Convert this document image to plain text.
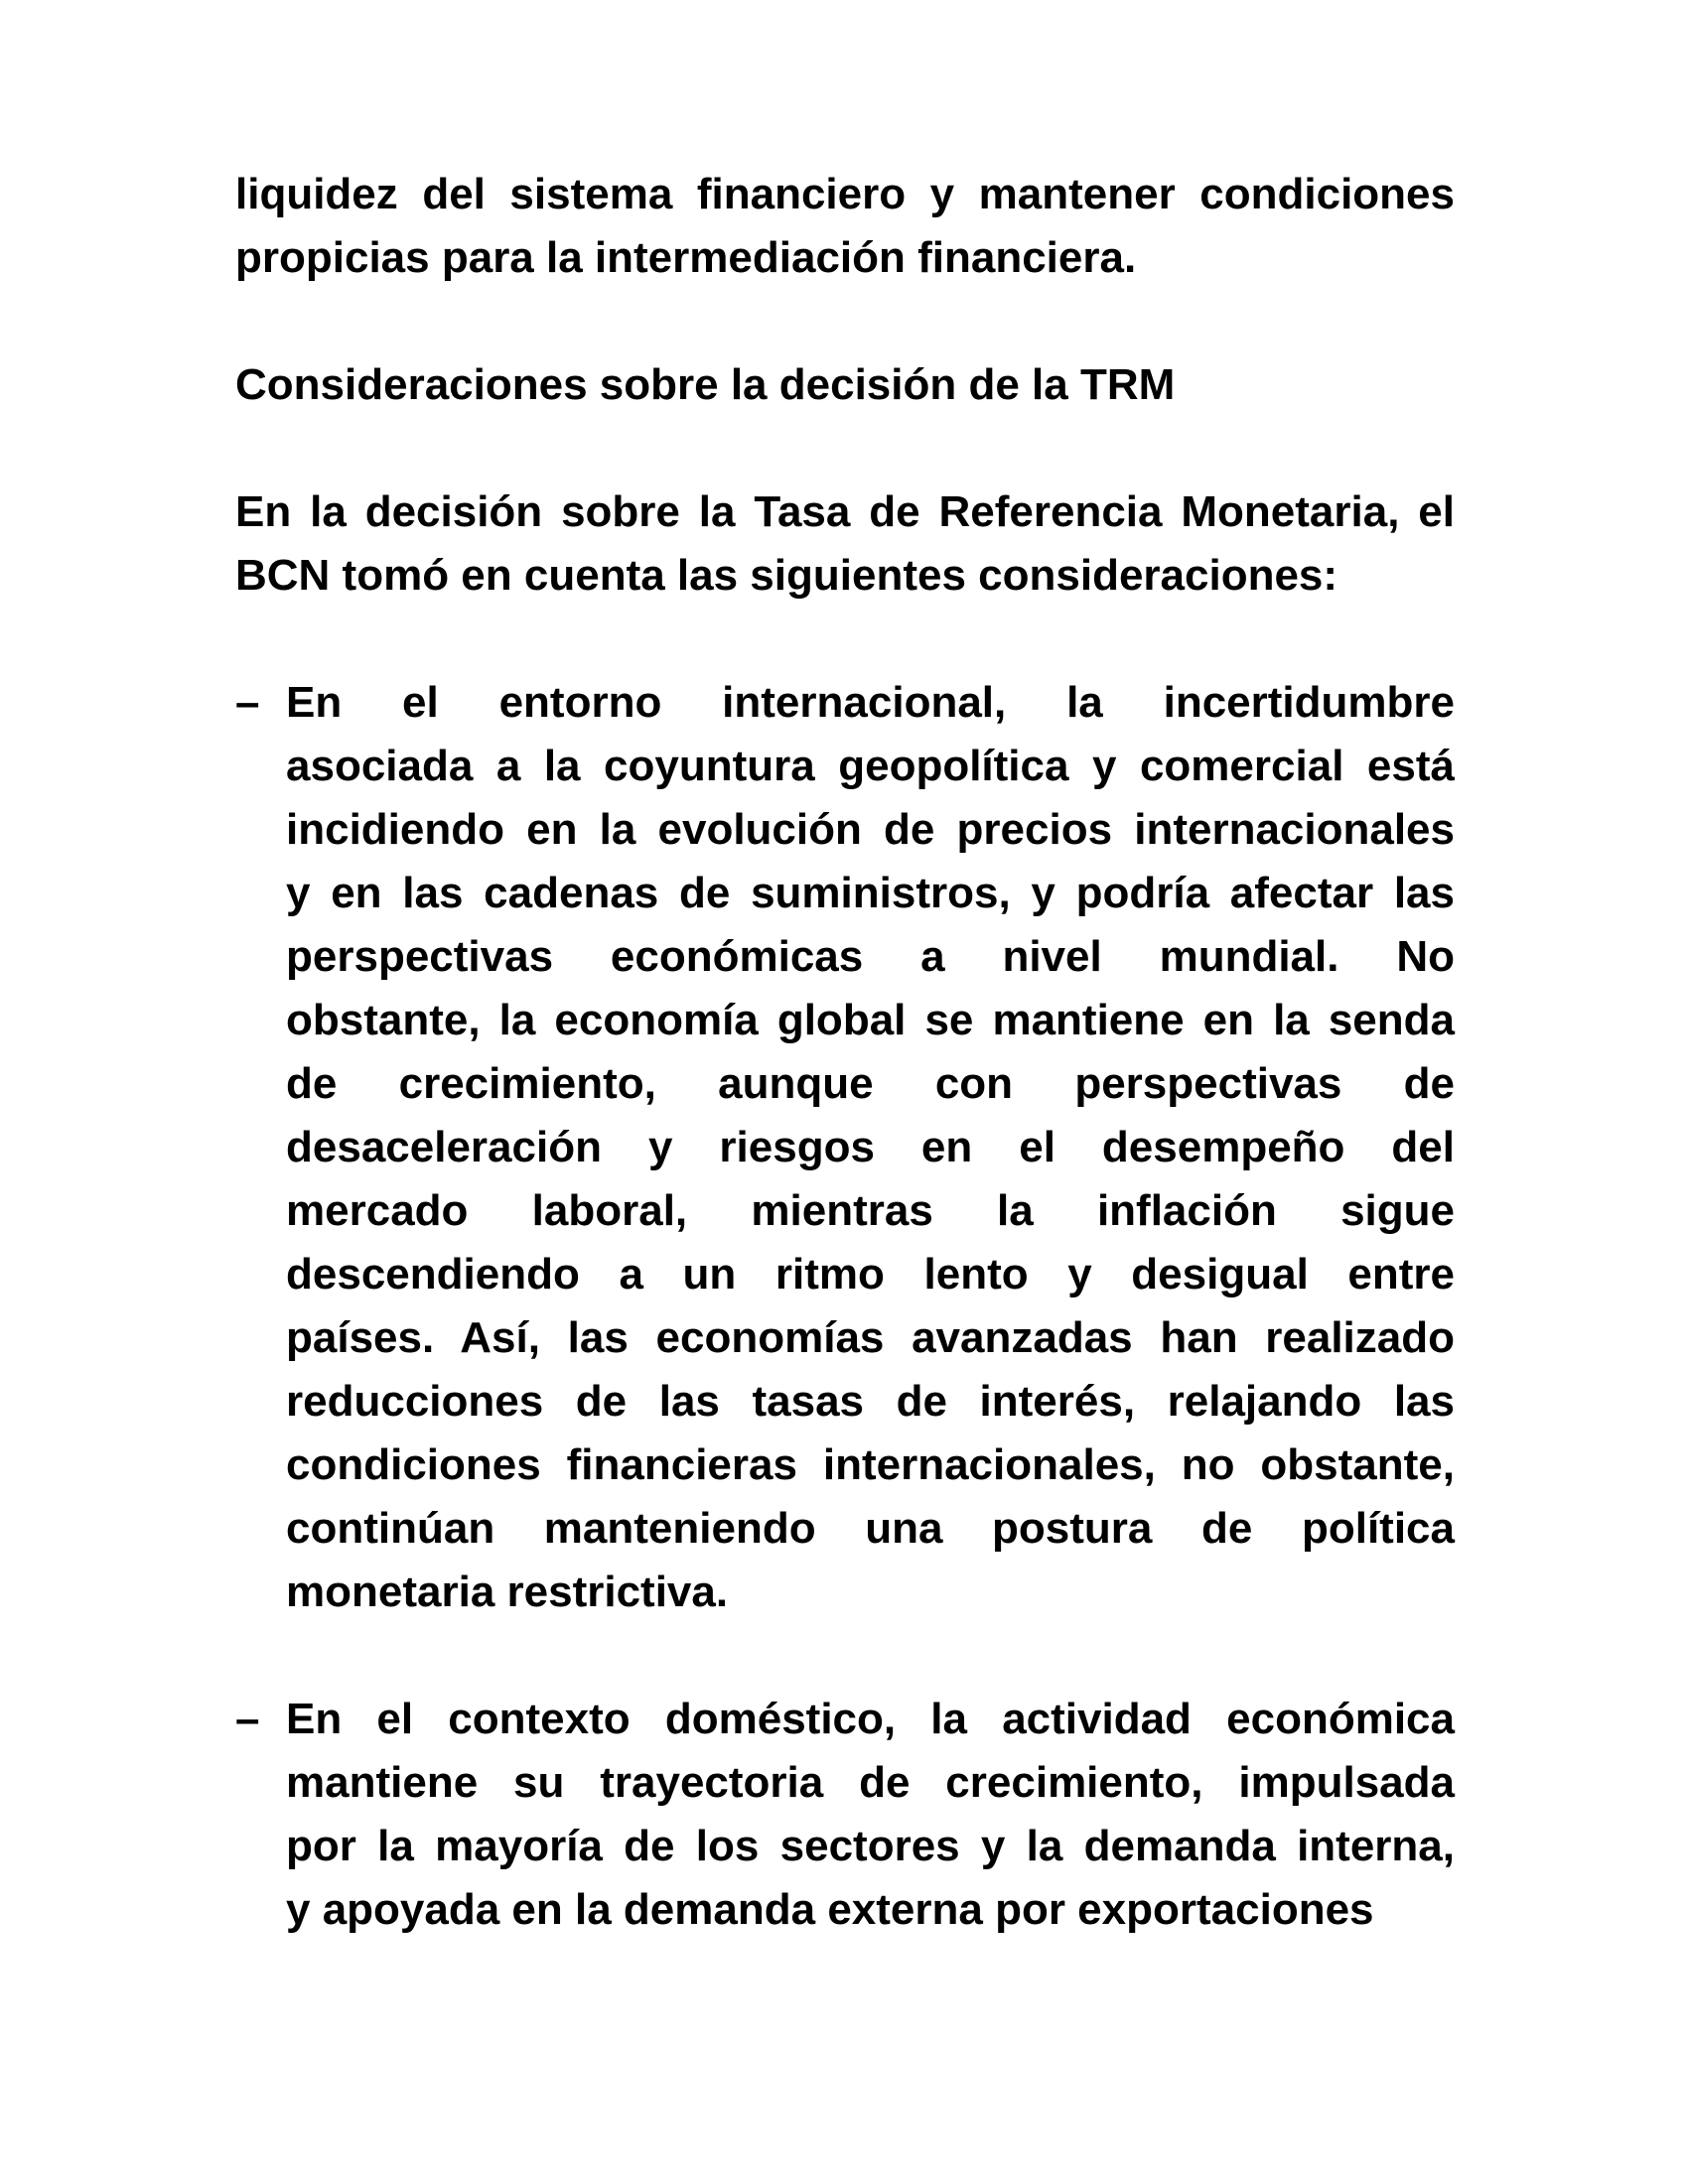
liquidez del sistema financiero y mantener condiciones
propicias para la intermediación financiera.
Consideraciones sobre la decisión de la TRM
En la decisión sobre la Tasa de Referencia Monetaria, el
BCN tomó en cuenta las siguientes consideraciones:
– En el entorno internacional, la incertidumbre
asociada a la coyuntura geopolítica y comercial está
incidiendo en la evolución de precios internacionales
y en las cadenas de suministros, y podría afectar las
perspectivas económicas a nivel mundial. No
obstante, la economía global se mantiene en la senda
de crecimiento, aunque con perspectivas de
desaceleración y riesgos en el desempeño del
mercado laboral, mientras la inflación sigue
descendiendo a un ritmo lento y desigual entre
países. Así, las economías avanzadas han realizado
reducciones de las tasas de interés, relajando las
condiciones financieras internacionales, no obstante,
continúan manteniendo una postura de política
monetaria restrictiva.
– En el contexto doméstico, la actividad económica
mantiene su trayectoria de crecimiento, impulsada
por la mayoría de los sectores y la demanda interna,
y apoyada en la demanda externa por exportaciones
